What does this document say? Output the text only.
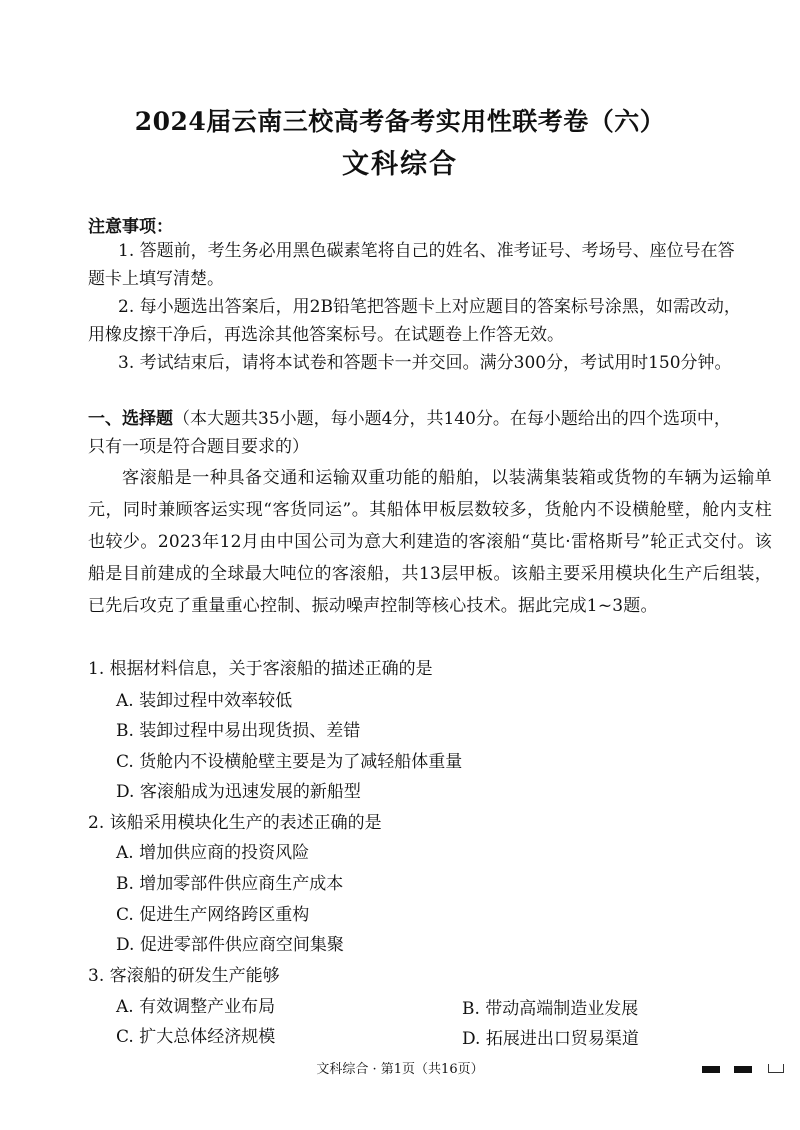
2024届云南三校高考备考实用性联考卷（六）
文科综合
注意事项：
1. 答题前，考生务必用黑色碳素笔将自己的姓名、准考证号、考场号、座位号在答
题卡上填写清楚。
2. 每小题选出答案后，用2B铅笔把答题卡上对应题目的答案标号涂黑，如需改动，
用橡皮擦干净后，再选涂其他答案标号。在试题卷上作答无效。
3. 考试结束后，请将本试卷和答题卡一并交回。满分300分，考试用时150分钟。
一、选择题（本大题共35小题，每小题4分，共140分。在每小题给出的四个选项中，
只有一项是符合题目要求的）
客滚船是一种具备交通和运输双重功能的船舶，以装满集装箱或货物的车辆为运输单元，同时兼顾客运实现“客货同运”。其船体甲板层数较多，货舱内不设横舱壁，舱内支柱也较少。2023年12月由中国公司为意大利建造的客滚船“莫比·雷格斯号”轮正式交付。该船是目前建成的全球最大吨位的客滚船，共13层甲板。该船主要采用模块化生产后组装，已先后攻克了重量重心控制、振动噪声控制等核心技术。据此完成1~3题。
1. 根据材料信息，关于客滚船的描述正确的是
A. 装卸过程中效率较低
B. 装卸过程中易出现货损、差错
C. 货舱内不设横舱壁主要是为了减轻船体重量
D. 客滚船成为迅速发展的新船型
2. 该船采用模块化生产的表述正确的是
A. 增加供应商的投资风险
B. 增加零部件供应商生产成本
C. 促进生产网络跨区重构
D. 促进零部件供应商空间集聚
3. 客滚船的研发生产能够
A. 有效调整产业布局	B. 带动高端制造业发展
C. 扩大总体经济规模	D. 拓展进出口贸易渠道
文科综合 · 第1页（共16页）
